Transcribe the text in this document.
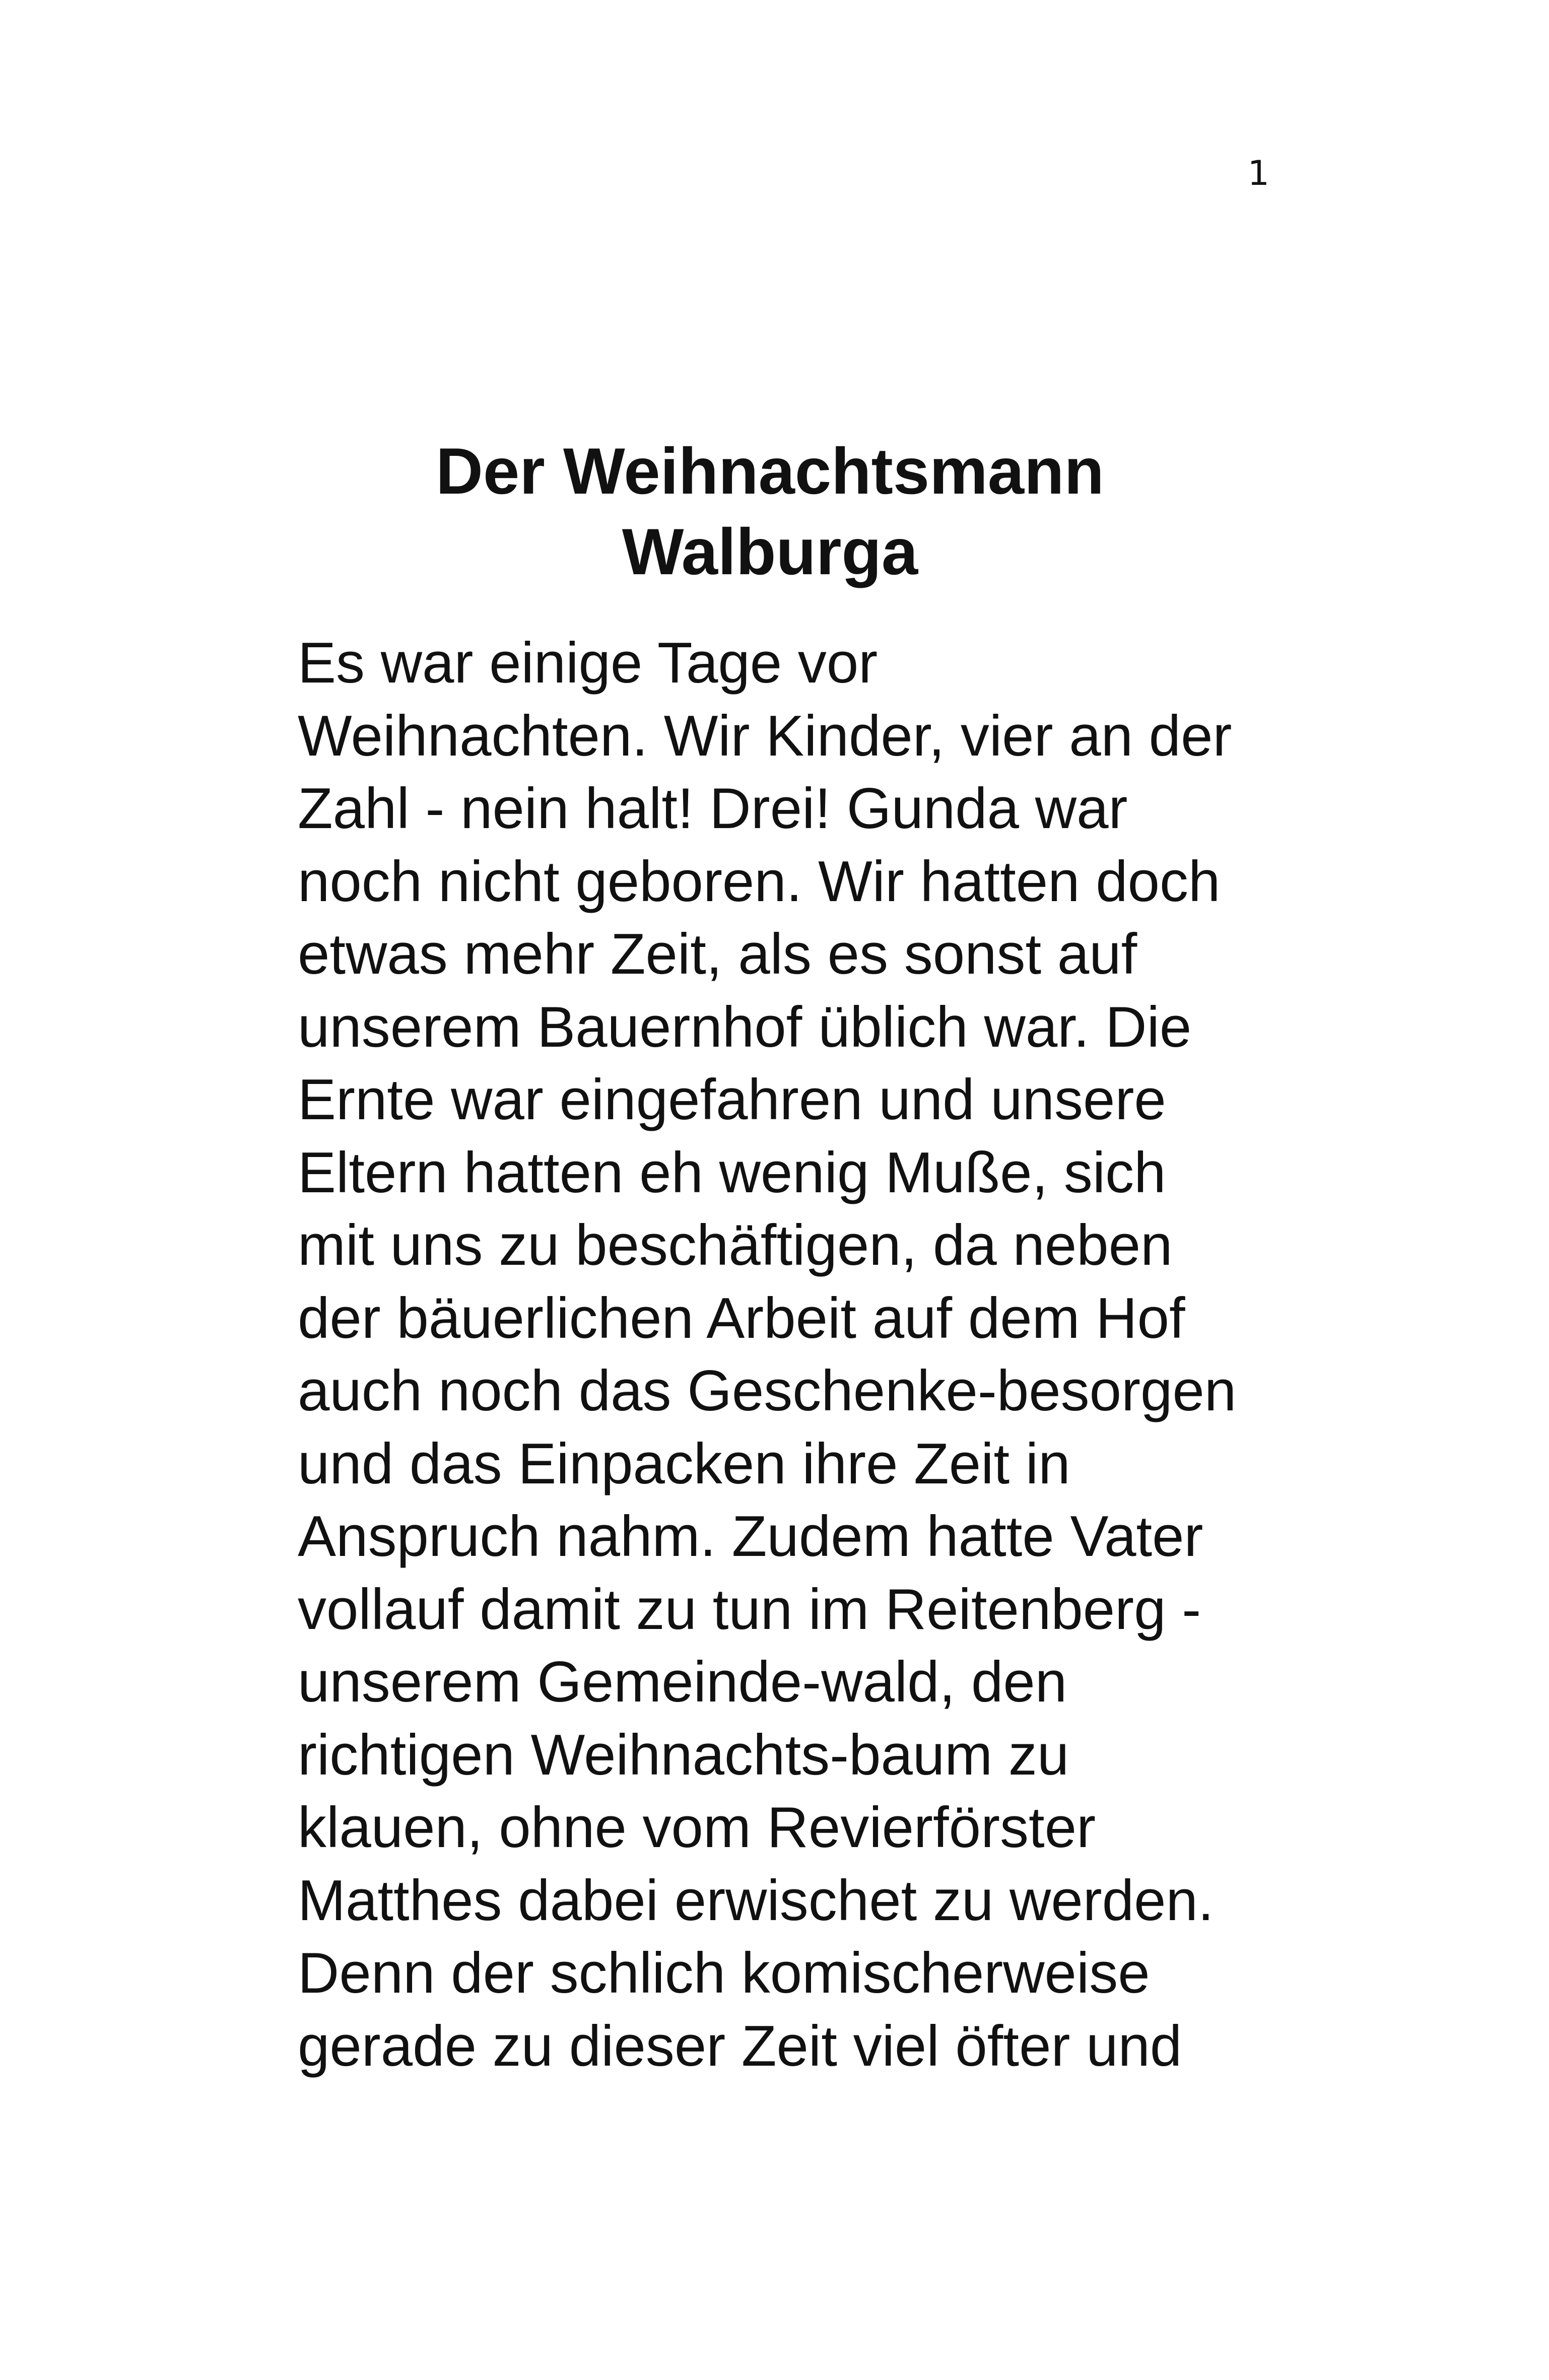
1
Der Weihnachtsmann
Walburga
Es war einige Tage vor
Weihnachten. Wir Kinder, vier an der
Zahl - nein halt! Drei! Gunda war
noch nicht geboren. Wir hatten doch
etwas mehr Zeit, als es sonst auf
unserem Bauernhof üblich war. Die
Ernte war eingefahren und unsere
Eltern hatten eh wenig Muße, sich
mit uns zu beschäftigen, da neben
der bäuerlichen Arbeit auf dem Hof
auch noch das Geschenke-besorgen
und das Einpacken ihre Zeit in
Anspruch nahm. Zudem hatte Vater
vollauf damit zu tun im Reitenberg -
unserem Gemeinde-wald, den
richtigen Weihnachts-baum zu
klauen, ohne vom Revierförster
Matthes dabei erwischet zu werden.
Denn der schlich komischerweise
gerade zu dieser Zeit viel öfter und
